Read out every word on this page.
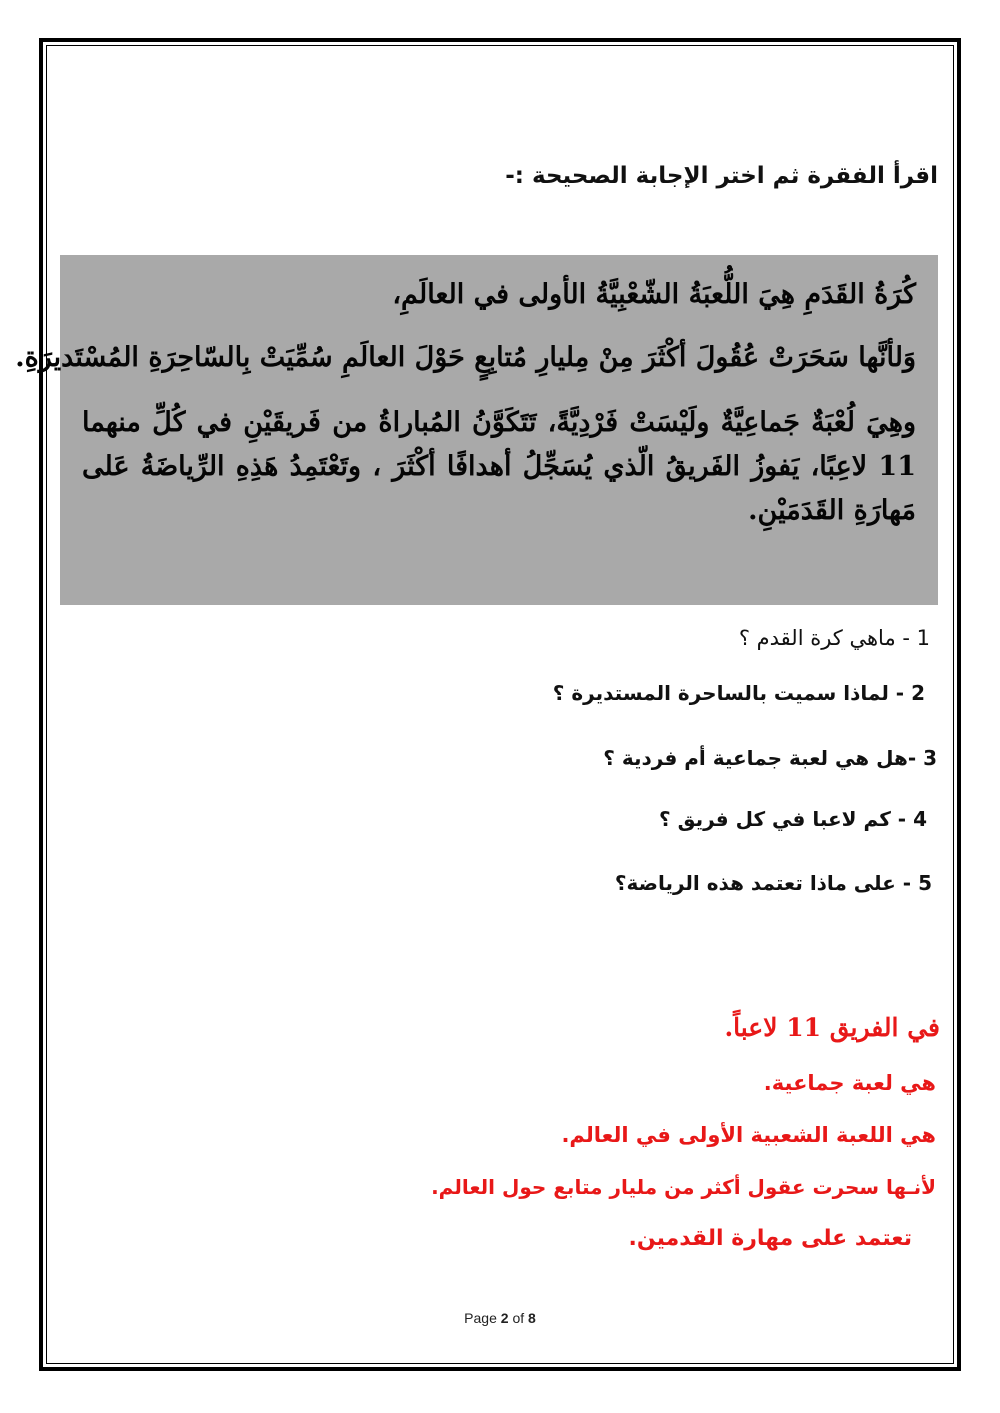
اقرأ الفقرة ثم اختر الإجابة الصحيحة :-
كُرَةُ القَدَمِ هِيَ اللُّعبَةُ الشّعْبِيَّةُ الأولى في العالَمِ،
وَلأنَّها سَحَرَتْ عُقُولَ أكْثَرَ مِنْ مِليارِ مُتابِعٍ حَوْلَ العالَمِ سُمِّيَتْ بِالسّاحِرَةِ المُسْتَديرَةِ.
وهِيَ لُعْبَةٌ جَماعِيَّةٌ ولَيْسَتْ فَرْدِيَّةً، تَتَكَوَّنُ المُباراةُ من فَريقَيْنِ في كُلِّ منهما 11 لاعِبًا، يَفوزُ الفَريقُ الّذي يُسَجِّلُ أهدافًا أكْثَرَ ، وتَعْتَمِدُ هَذِهِ الرِّياضَةُ عَلى مَهارَةِ القَدَمَيْنِ.
1 - ماهي كرة القدم ؟
2 - لماذا سميت بالساحرة المستديرة ؟
3 -هل هي لعبة جماعية أم فردية ؟
4 - كم لاعبا في كل فريق ؟
5 - على ماذا تعتمد هذه الرياضة؟
في الفريق 11 لاعباً.
هي لعبة جماعية.
هي اللعبة الشعبية الأولى في العالم.
لأنـها سحرت عقول أكثر من مليار متابع حول العالم.
تعتمد على مهارة القدمين.
Page 2 of 8
